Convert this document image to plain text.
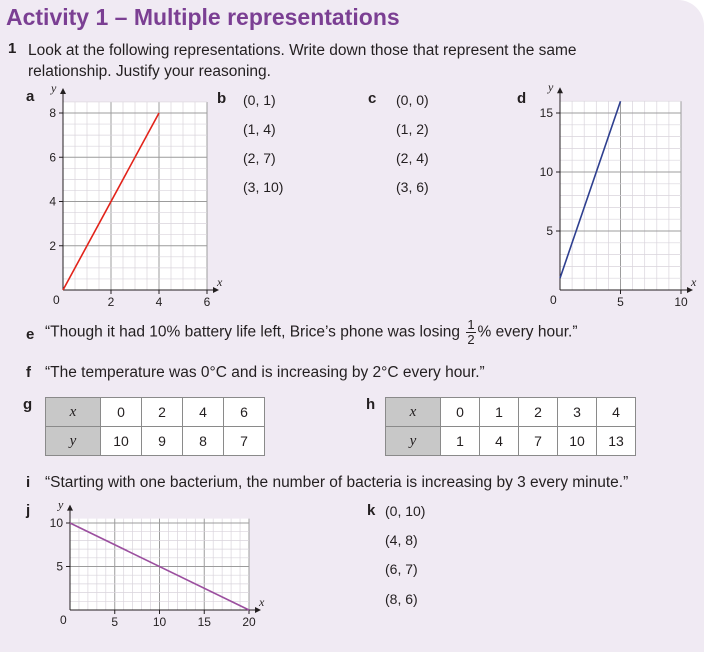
Activity 1 – Multiple representations
1 Look at the following representations. Write down those that represent the same relationship. Justify your reasoning.
a	b	c	d
e
f
g	h
i
j	k
(0, 1)
(1, 4)
(2, 7)
(3, 10)
(0, 0)
(1, 2)
(2, 4)
(3, 6)
(0, 10)
(4, 8)
(6, 7)
(8, 6)
“Though it had 10% battery life left, Brice’s phone was losing $\frac{1}{2}$ % every hour.”
“The temperature was 0°C and is increasing by 2°C every hour.”
“Starting with one bacterium, the number of bacteria is increasing by 3 every minute.”
x	0	2	4	6
y	10	9	8	7
x	0	1	2	3	4
y	1	4	7	10	13
x
y
0	2	4	6
2
4
6
8
x
y
0	5	10
5
10
15
x
y
0	5	10	15	20
5
10
